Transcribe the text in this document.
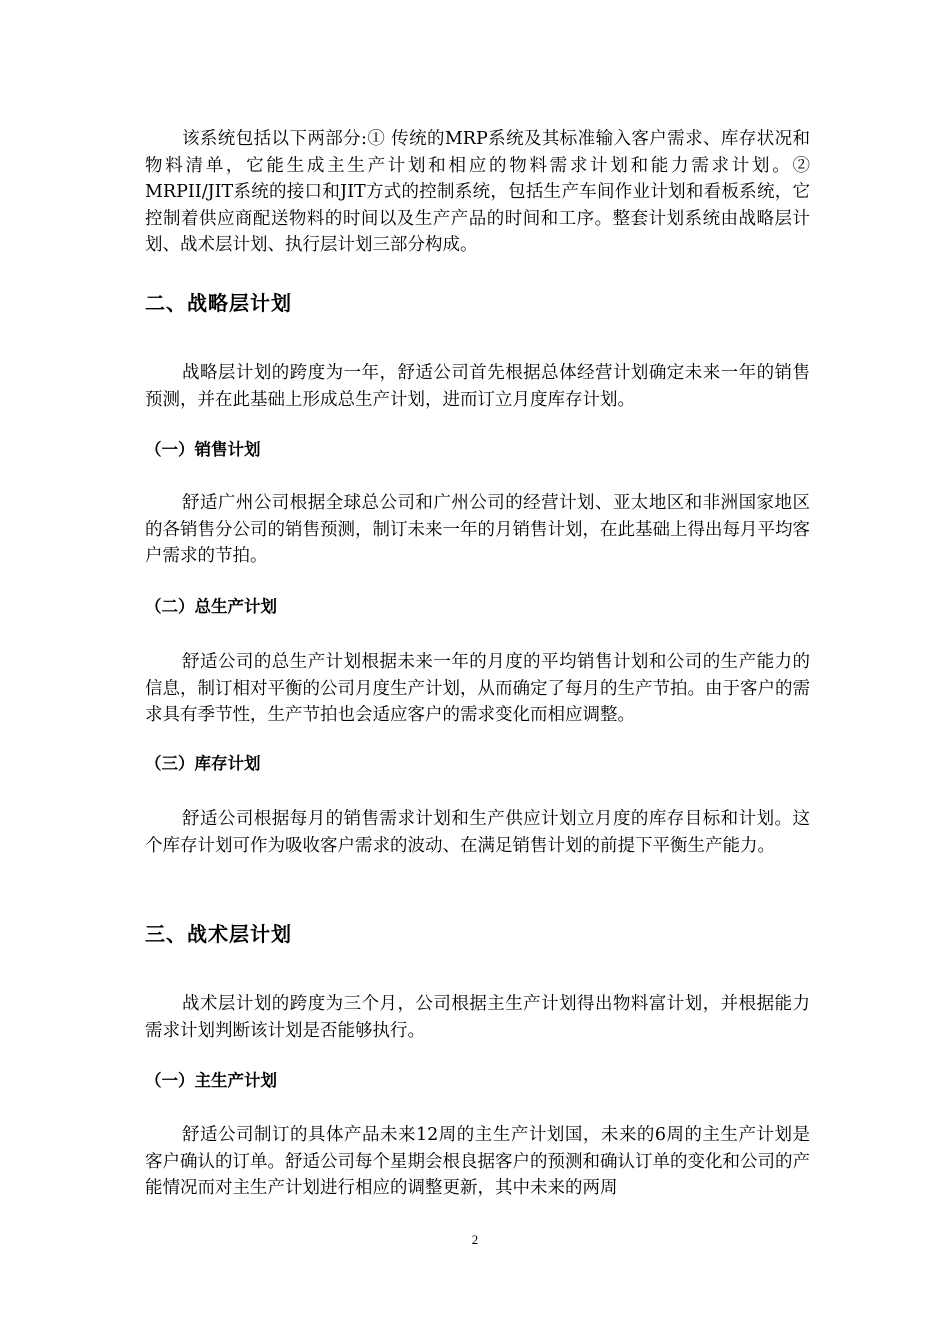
该系统包括以下两部分:① 传统的MRP系统及其标准输入客户需求、库存状况和物料清单，它能生成主生产计划和相应的物料需求计划和能力需求计划。② MRPII/JIT系统的接口和JIT方式的控制系统，包括生产车间作业计划和看板系统，它控制着供应商配送物料的时间以及生产产品的时间和工序。整套计划系统由战略层计划、战术层计划、执行层计划三部分构成。

二、战略层计划

战略层计划的跨度为一年，舒适公司首先根据总体经营计划确定未来一年的销售预测，并在此基础上形成总生产计划，进而订立月度库存计划。

（一）销售计划

舒适广州公司根据全球总公司和广州公司的经营计划、亚太地区和非洲国家地区的各销售分公司的销售预测，制订未来一年的月销售计划，在此基础上得出每月平均客户需求的节拍。

（二）总生产计划

舒适公司的总生产计划根据未来一年的月度的平均销售计划和公司的生产能力的信息，制订相对平衡的公司月度生产计划，从而确定了每月的生产节拍。由于客户的需求具有季节性，生产节拍也会适应客户的需求变化而相应调整。

（三）库存计划

舒适公司根据每月的销售需求计划和生产供应计划立月度的库存目标和计划。这个库存计划可作为吸收客户需求的波动、在满足销售计划的前提下平衡生产能力。

三、战术层计划

战术层计划的跨度为三个月，公司根据主生产计划得出物料富计划，并根据能力需求计划判断该计划是否能够执行。

（一）主生产计划

舒适公司制订的具体产品未来12周的主生产计划国，未来的6周的主生产计划是客户确认的订单。舒适公司每个星期会根良据客户的预测和确认订单的变化和公司的产能情况而对主生产计划进行相应的调整更新，其中未来的两周

2
